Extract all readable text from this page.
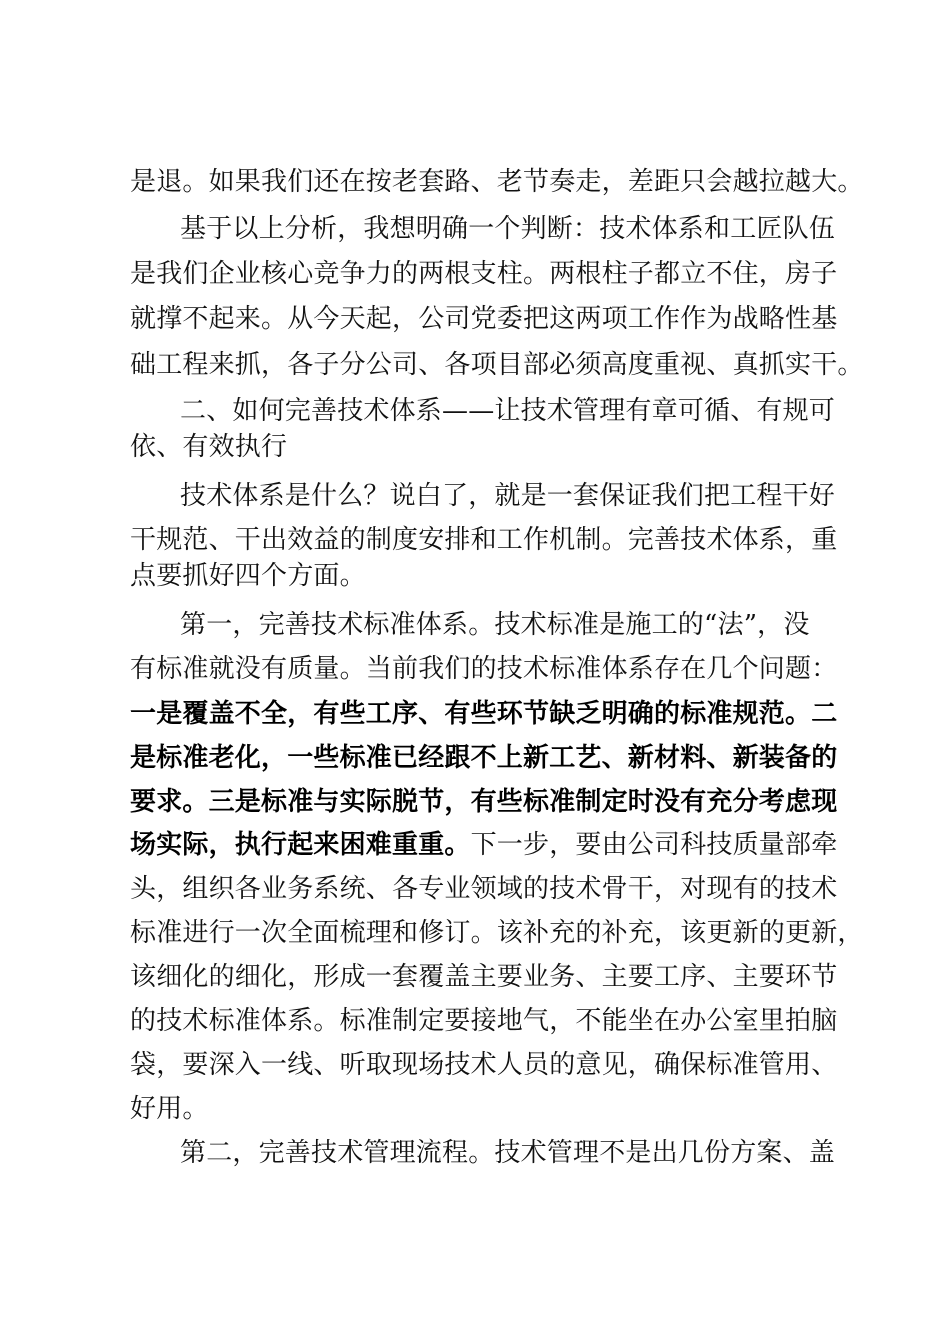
是退。如果我们还在按老套路、老节奏走，差距只会越拉越大。
基于以上分析，我想明确一个判断：技术体系和工匠队伍
是我们企业核心竞争力的两根支柱。两根柱子都立不住，房子
就撑不起来。从今天起，公司党委把这两项工作作为战略性基
础工程来抓，各子分公司、各项目部必须高度重视、真抓实干。
二、如何完善技术体系——让技术管理有章可循、有规可
依、有效执行
技术体系是什么？说白了，就是一套保证我们把工程干好
干规范、干出效益的制度安排和工作机制。完善技术体系，重
点要抓好四个方面。
第一，完善技术标准体系。技术标准是施工的“法”，没
有标准就没有质量。当前我们的技术标准体系存在几个问题：
一是覆盖不全，有些工序、有些环节缺乏明确的标准规范。二
是标准老化，一些标准已经跟不上新工艺、新材料、新装备的
要求。三是标准与实际脱节，有些标准制定时没有充分考虑现
场实际，执行起来困难重重。下一步，要由公司科技质量部牵
头，组织各业务系统、各专业领域的技术骨干，对现有的技术
标准进行一次全面梳理和修订。该补充的补充，该更新的更新，
该细化的细化，形成一套覆盖主要业务、主要工序、主要环节
的技术标准体系。标准制定要接地气，不能坐在办公室里拍脑
袋，要深入一线、听取现场技术人员的意见，确保标准管用、
好用。
第二，完善技术管理流程。技术管理不是出几份方案、盖
